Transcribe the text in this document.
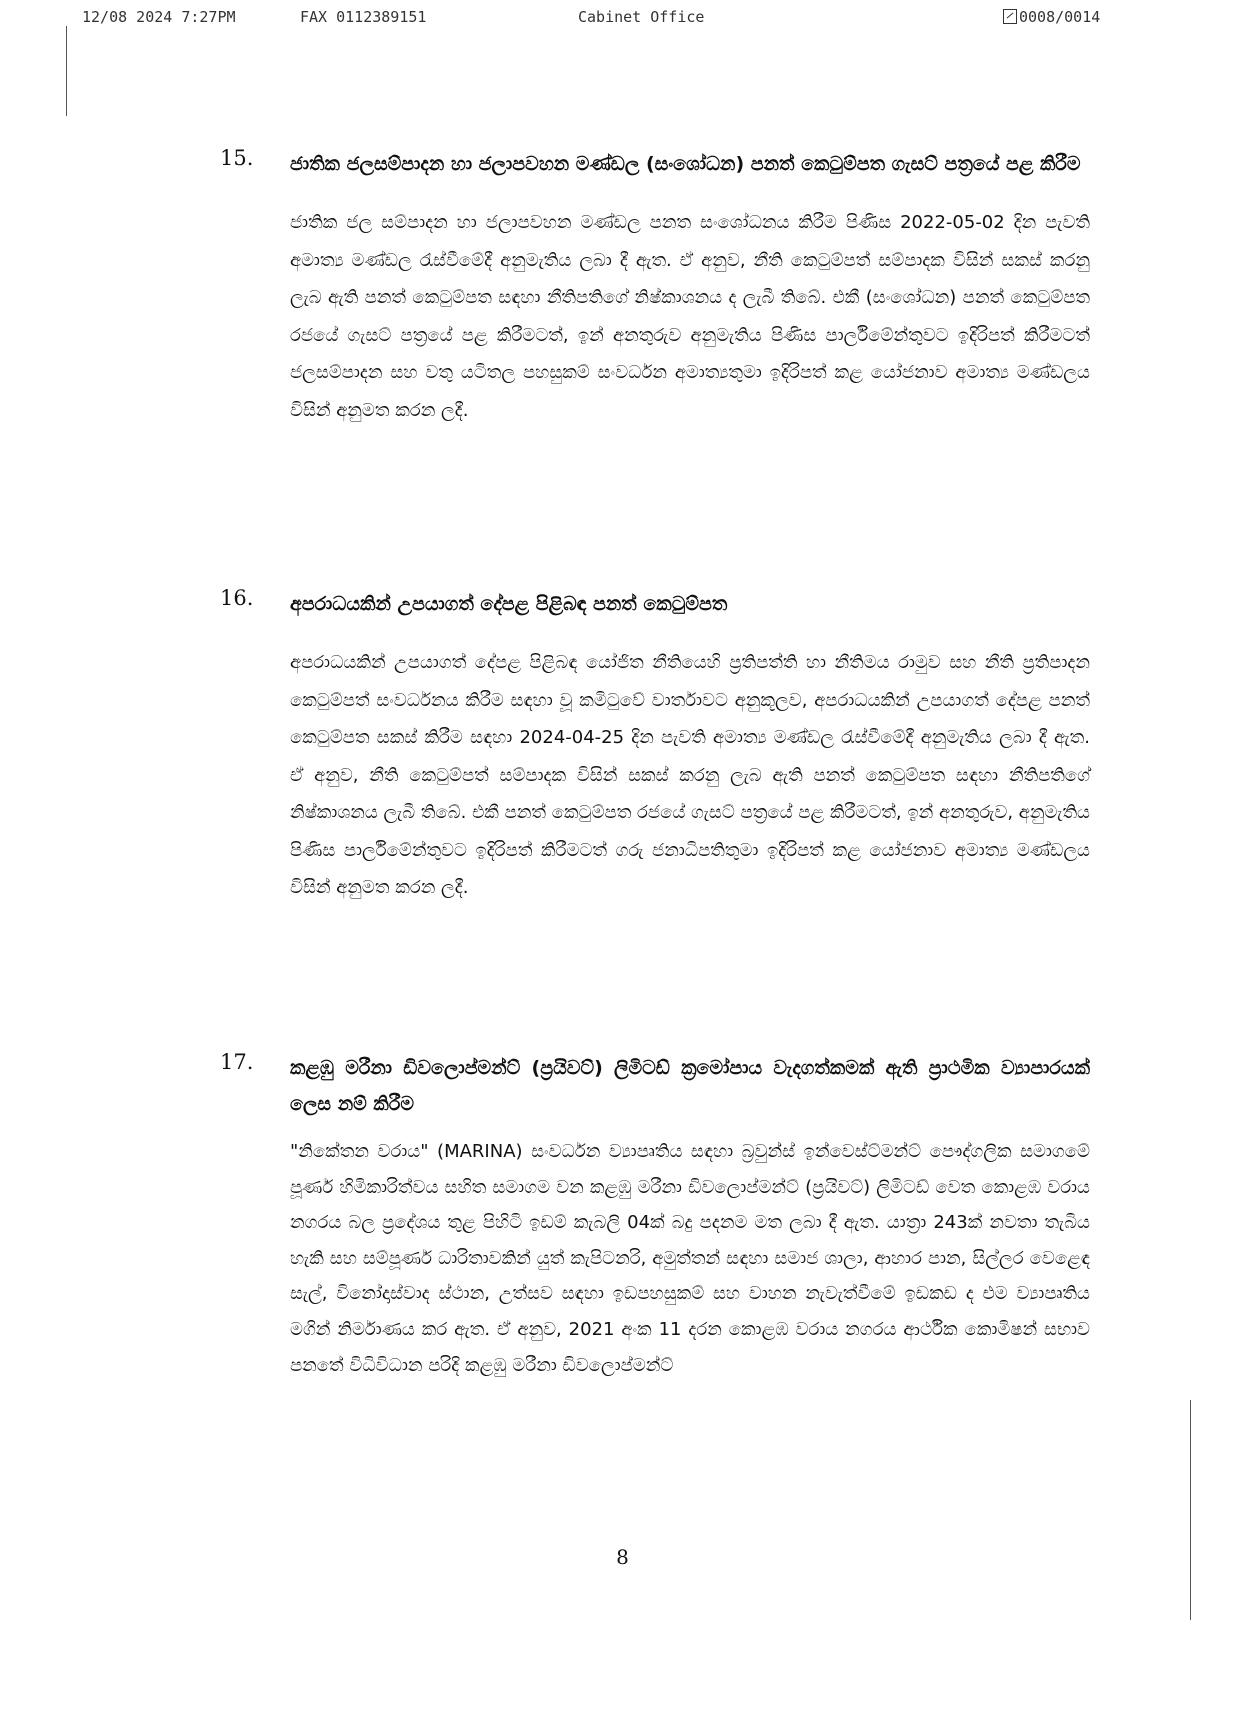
12/08 2024 7:27PM	FAX 0112389151	Cabinet Office	0008/0014
15. ජාතික ජලසම්පාදන හා ජලාපවහන මණ්ඩල (සංශෝධන) පනත් කෙටුම්පත ගැසට් පත්‍රයේ පළ කිරීම
ජාතික ජල සම්පාදන හා ජලාපවහන මණ්ඩල පනත සංශෝධනය කිරීම පිණිස 2022-05-02 දින පැවති අමාත්‍ය මණ්ඩල රැස්වීමේදී අනුමැතිය ලබා දී ඇත. ඒ අනුව, නීති කෙටුම්පත් සම්පාදක විසින් සකස් කරනු ලැබ ඇති පනත් කෙටුම්පත සඳහා නීතිපතිගේ නිෂ්කාශනය ද ලැබී තිබේ. එකී (සංශෝධන) පනත් කෙටුම්පත රජයේ ගැසට් පත්‍රයේ පළ කිරීමටත්, ඉන් අනතුරුව අනුමැතිය පිණිස පාර්ලිමේන්තුවට ඉදිරිපත් කිරීමටත් ජලසම්පාදන සහ වතු යටිතල පහසුකම් සංවර්ධන අමාත්‍යතුමා ඉදිරිපත් කළ යෝජනාව අමාත්‍ය මණ්ඩලය විසින් අනුමත කරන ලදී.
16. අපරාධයකින් උපයාගත් දේපළ පිළිබඳ පනත් කෙටුම්පත
අපරාධයකින් උපයාගත් දේපළ පිළිබඳ යෝජිත නීතියෙහි ප්‍රතිපත්ති හා නීතිමය රාමුව සහ නීති ප්‍රතිපාදන කෙටුම්පත් සංවර්ධනය කිරීම සඳහා වූ කමිටුවේ වාර්තාවට අනුකූලව, අපරාධයකින් උපයාගත් දේපළ පනත් කෙටුම්පත සකස් කිරීම සඳහා 2024-04-25 දින පැවති අමාත්‍ය මණ්ඩල රැස්වීමේදී අනුමැතිය ලබා දී ඇත. ඒ අනුව, නීති කෙටුම්පත් සම්පාදක විසින් සකස් කරනු ලැබ ඇති පනත් කෙටුම්පත සඳහා නීතිපතිගේ නිෂ්කාශනය ලැබී තිබේ. එකී පනත් කෙටුම්පත රජයේ ගැසට් පත්‍රයේ පළ කිරීමටත්, ඉන් අනතුරුව, අනුමැතිය පිණිස පාර්ලිමේන්තුවට ඉදිරිපත් කිරීමටත් ගරු ජනාධිපතිතුමා ඉදිරිපත් කළ යෝජනාව අමාත්‍ය මණ්ඩලය විසින් අනුමත කරන ලදී.
17. කළඹු මරීනා ඩිවලොප්මන්ට් (ප්‍රයිවට්) ලිමිටඩ් ක්‍රමෝපාය වැදගත්කමක් ඇති ප්‍රාථමික ව්‍යාපාරයක් ලෙස නම් කිරීම
"නිකේතන වරාය" (MARINA) සංවර්ධන ව්‍යාපෘතිය සඳහා බ්‍රවුන්ස් ඉන්වෙස්ට්මන්ට් පෞද්ගලික සමාගමේ පූර්ණ හිමිකාරිත්වය සහිත සමාගම වන කළඹු මරීනා ඩිවලොප්මන්ට් (ප්‍රයිවට්) ලිමිටඩ් වෙත කොළඹ වරාය නගරය බල ප්‍රදේශය තුළ පිහිටි ඉඩම් කැබලි 04ක් බදු පදනම මත ලබා දී ඇත. යාත්‍රා 243ක් නවතා තැබිය හැකි සහ සම්පූර්ණ ධාරිතාවකින් යුත් කැපිටනරි, අමුත්තන් සඳහා සමාජ ශාලා, ආහාර පාන, සිල්ලර වෙළෙඳ සැල්, විනෝදාස්වාද ස්ථාන, උත්සව සඳහා ඉඩපහසුකම් සහ වාහන නැවැත්වීමේ ඉඩකඩ ද එම ව්‍යාපෘතිය මගින් නිර්මාණය කර ඇත. ඒ අනුව, 2021 අංක 11 දරන කොළඹ වරාය නගරය ආර්ථික කොමිෂන් සභාව පනතේ විධිවිධාන පරිදි කළඹු මරීනා ඩිවලොප්මන්ට්
8
